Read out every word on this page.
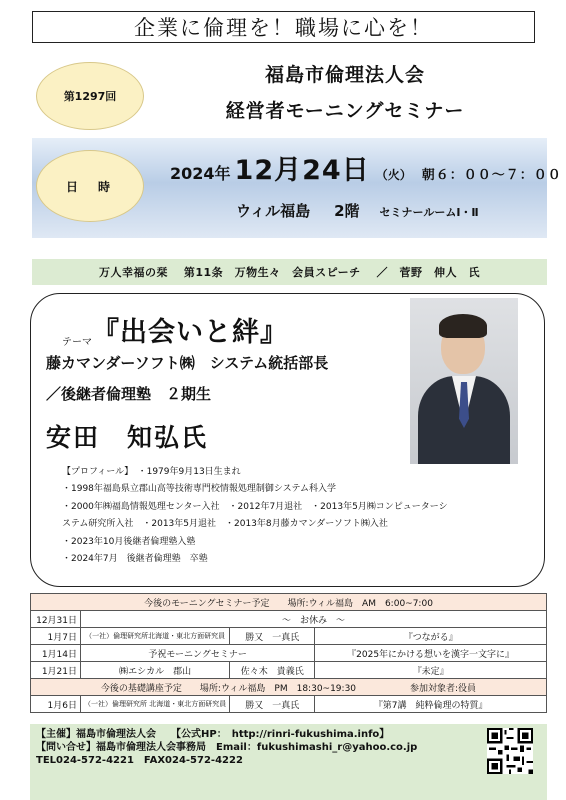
企業に倫理を！職場に心を！
第1297回
福島市倫理法人会
経営者モーニングセミナー
日　時
2024年 12月24日 （火） 朝６：００～７：００
ウィル福島 2階 セミナールームⅠ・Ⅱ
万人幸福の栞　 第11条　万物生々　会員スピーチ　 ／　菅野　伸人　氏
テーマ 『出会いと絆』
藤カマンダーソフト㈱　システム統括部長
／後継者倫理塾　２期生
安田　知弘氏
【プロフィール】　・1979年9月13日生まれ
・1998年福島県立郡山高等技術専門校情報処理制御システム科入学
・2000年㈱福島情報処理センター入社　・2012年7月退社　・2013年5月㈱コンピューターシ
ステム研究所入社　・2013年5月退社　・2013年8月藤カマンダーソフト㈱入社
・2023年10月後継者倫理塾入塾
・2024年7月　後継者倫理塾　卒塾
今後のモーニングセミナー予定　　場所:ウィル福島　AM　6:00~7:00			
12月31日	～　お休み　～		
1月7日	（一社）倫理研究所北海道・東北方面研究員	勝又　一真氏	『つながる』
1月14日	予祝モーニングセミナー		『2025年にかける想いを漢字一文字に』
1月21日	㈱エシカル　郡山	佐々木　貴義氏	『未定』
今後の基礎講座予定　　場所:ウィル福島　PM　18:30~19:30　　　　　　参加対象者:役員			
1月6日	（一社）倫理研究所 北海道・東北方面研究員	勝又　一真氏	『第7講　純粋倫理の特質』
【主催】福島市倫理法人会　　【公式HP：　http://rinri-fukushima.info】
【問い合せ】福島市倫理法人会事務局　Email：fukushimashi_r@yahoo.co.jp
TEL024-572-4221　FAX024-572-4222
